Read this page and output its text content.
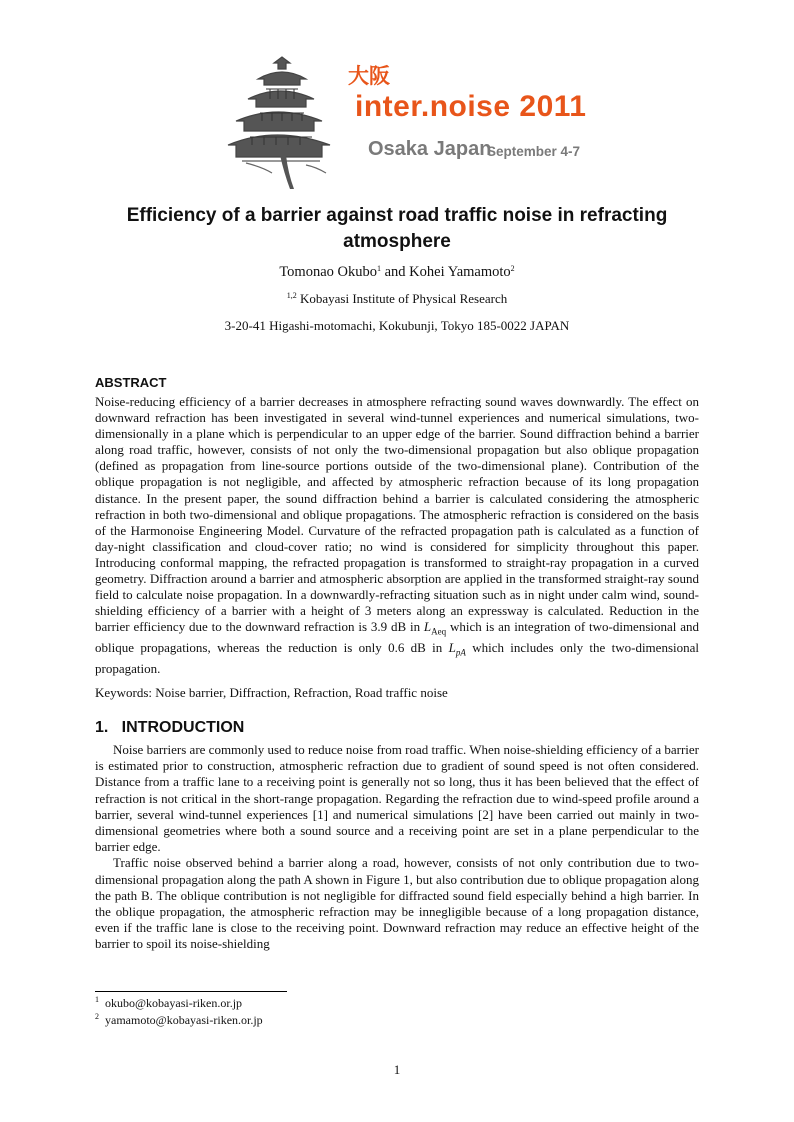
大阪
inter.noise 2011
Osaka Japan
September 4-7
Efficiency of a barrier against road traffic noise in refracting atmosphere
Tomonao Okubo$^1$ and Kohei Yamamoto$^2$
$^{1,2}$ Kobayasi Institute of Physical Research
3-20-41 Higashi-motomachi, Kokubunji, Tokyo 185-0022 JAPAN
ABSTRACT
Noise-reducing efficiency of a barrier decreases in atmosphere refracting sound waves downwardly. The effect on downward refraction has been investigated in several wind-tunnel experiences and numerical simulations, two-dimensionally in a plane which is perpendicular to an upper edge of the barrier. Sound diffraction behind a barrier along road traffic, however, consists of not only the two-dimensional propagation but also oblique propagation (defined as propagation from line-source portions outside of the two-dimensional plane). Contribution of the oblique propagation is not negligible, and affected by atmospheric refraction because of its long propagation distance. In the present paper, the sound diffraction behind a barrier is calculated considering the atmospheric refraction in both two-dimensional and oblique propagations. The atmospheric refraction is considered on the basis of the Harmonoise Engineering Model. Curvature of the refracted propagation path is calculated as a function of day-night classification and cloud-cover ratio; no wind is considered for simplicity throughout this paper. Introducing conformal mapping, the refracted propagation is transformed to straight-ray propagation in a curved geometry. Diffraction around a barrier and atmospheric absorption are applied in the transformed straight-ray sound field to calculate noise propagation. In a downwardly-refracting situation such as in night under calm wind, sound-shielding efficiency of a barrier with a height of 3 meters along an expressway is calculated. Reduction in the barrier efficiency due to the downward refraction is 3.9 dB in $L_{Aeq}$ which is an integration of two-dimensional and oblique propagations, whereas the reduction is only 0.6 dB in $L_{pA}$ which includes only the two-dimensional propagation.
Keywords: Noise barrier, Diffraction, Refraction, Road traffic noise
1.   INTRODUCTION

Noise barriers are commonly used to reduce noise from road traffic. When noise-shielding efficiency of a barrier is estimated prior to construction, atmospheric refraction due to gradient of sound speed is not often considered. Distance from a traffic lane to a receiving point is generally not so long, thus it has been believed that the effect of refraction is not critical in the short-range propagation. Regarding the refraction due to wind-speed profile around a barrier, several wind-tunnel experiences [1] and numerical simulations [2] have been carried out mainly in two-dimensional geometries where both a sound source and a receiving point are set in a plane perpendicular to the barrier edge.

Traffic noise observed behind a barrier along a road, however, consists of not only contribution due to two-dimensional propagation along the path A shown in Figure 1, but also contribution due to oblique propagation along the path B. The oblique contribution is not negligible for diffracted sound field especially behind a high barrier. In the oblique propagation, the atmospheric refraction may be innegligible because of a long propagation distance, even if the traffic lane is close to the receiving point. Downward refraction may reduce an effective height of the barrier to spoil its noise-shielding

$^1$ okubo@kobayasi-riken.or.jp
$^2$ yamamoto@kobayasi-riken.or.jp
1
